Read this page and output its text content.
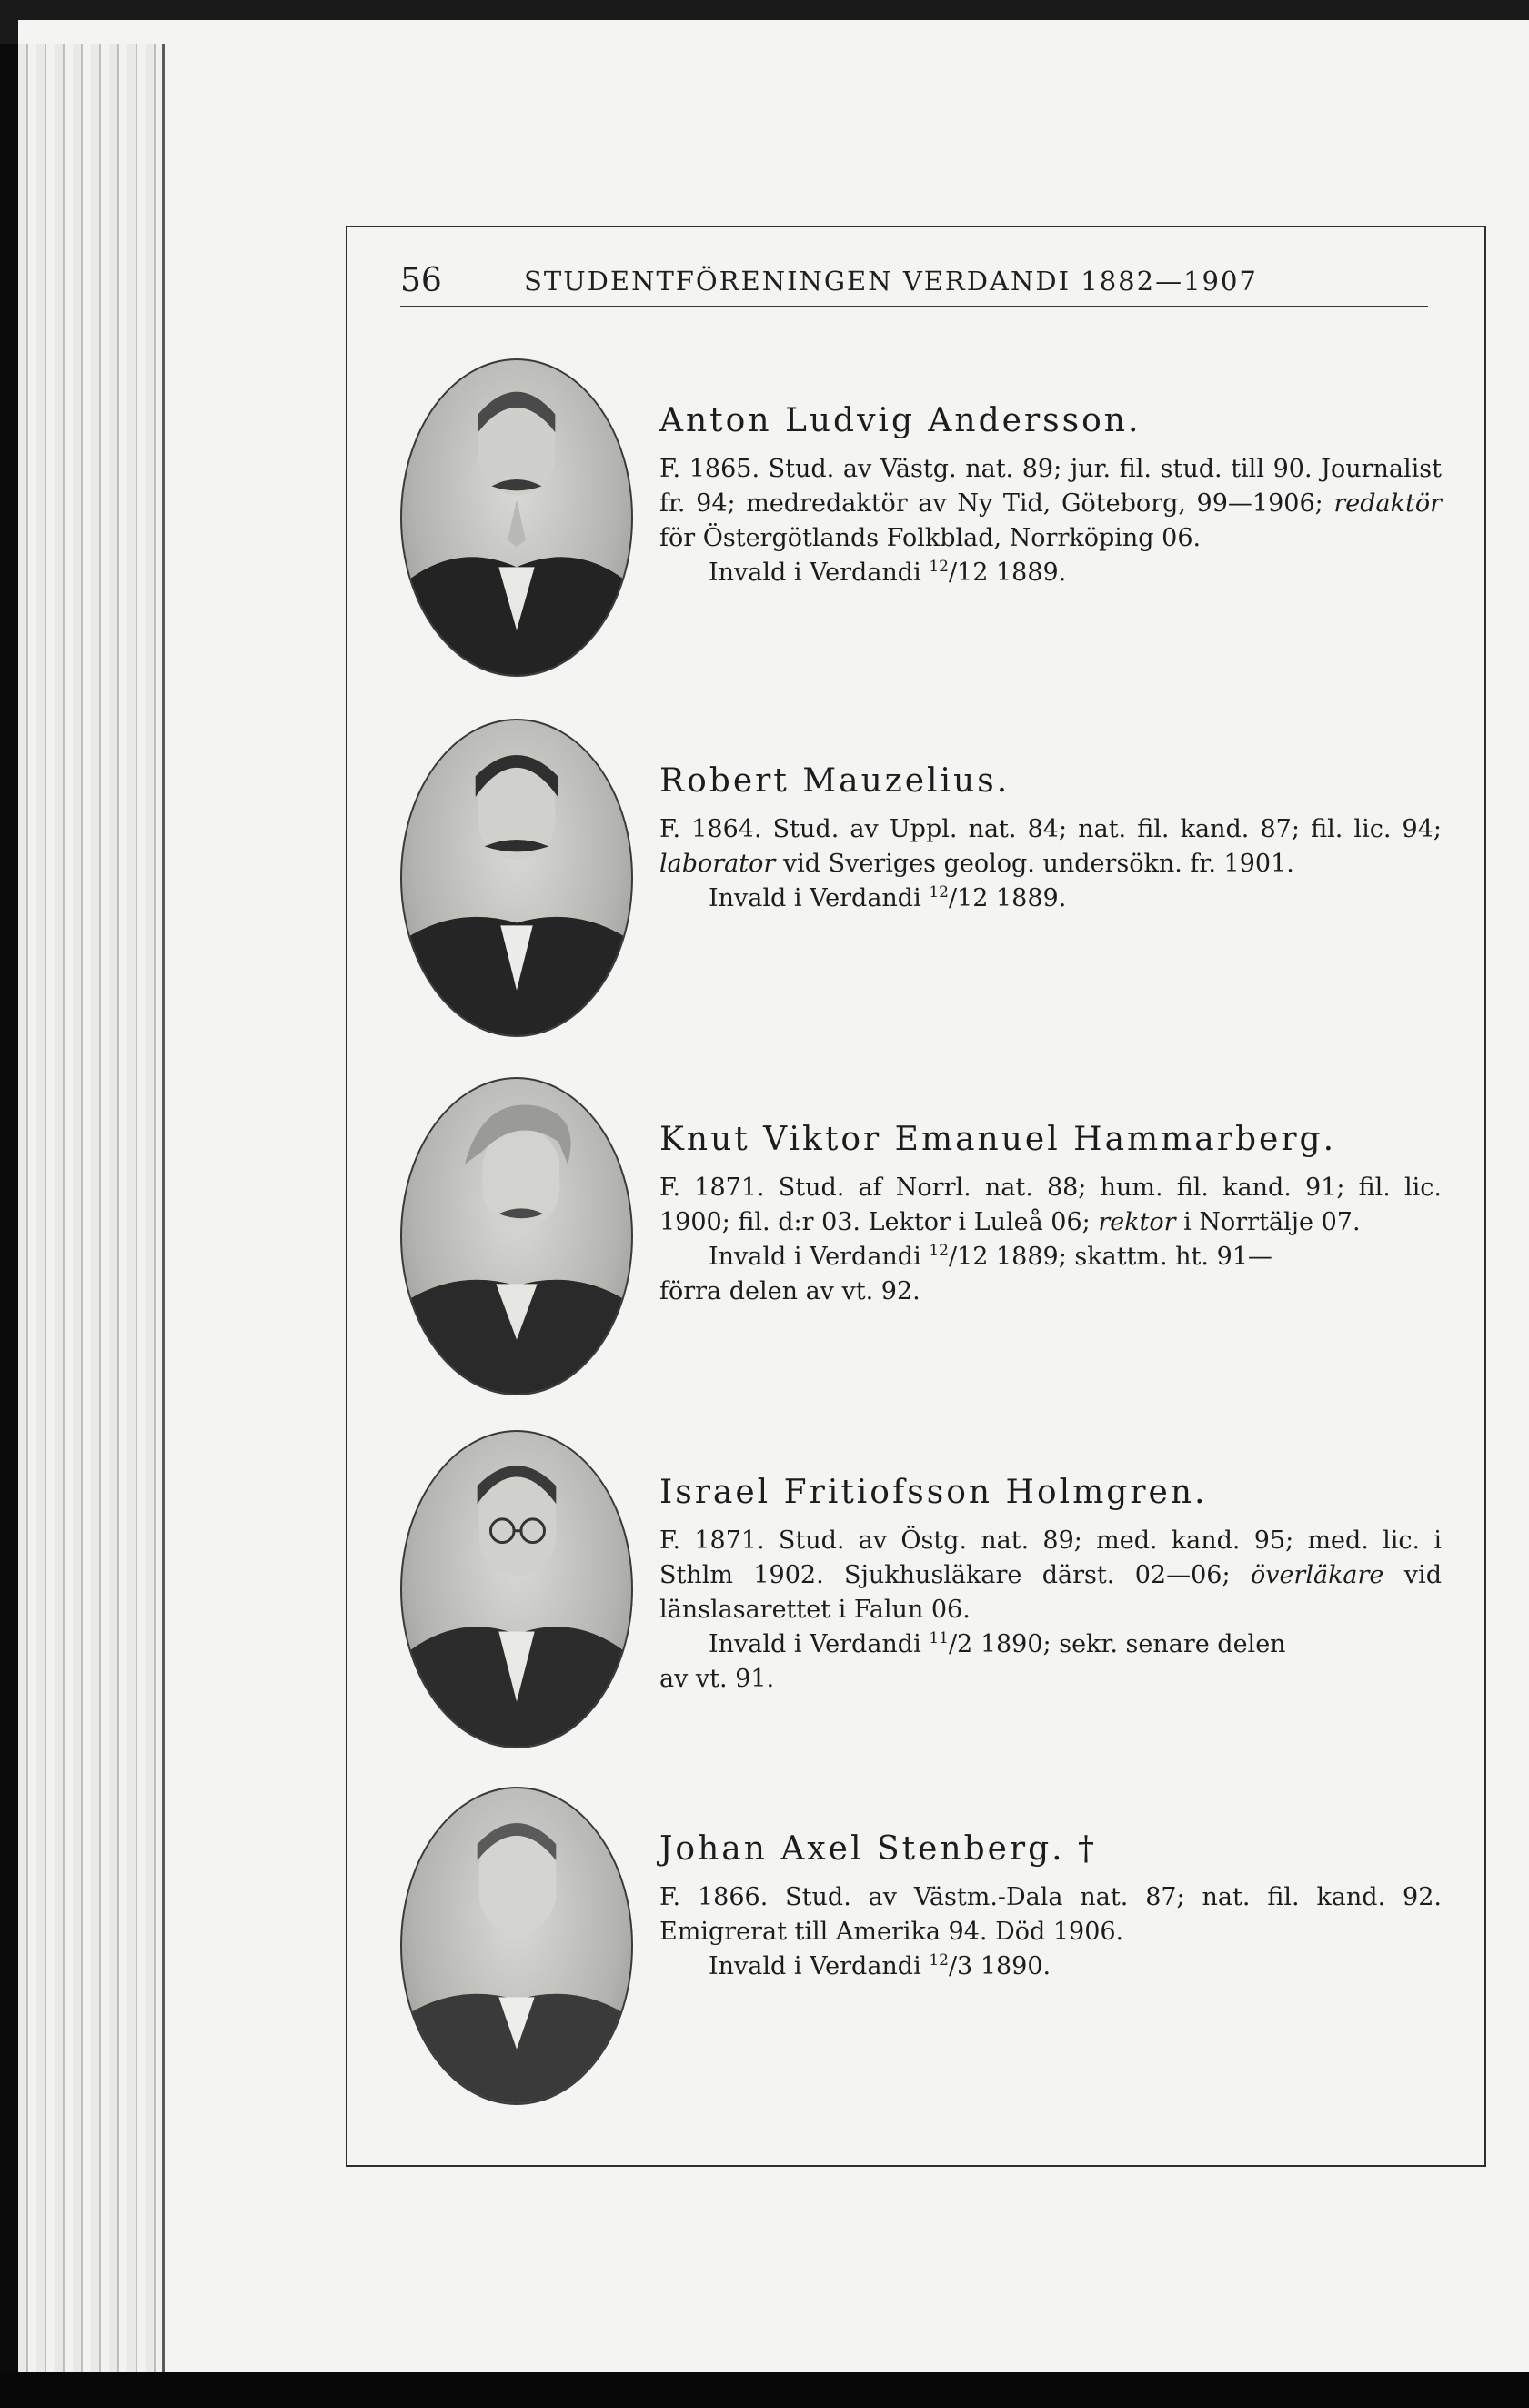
56	STUDENTFÖRENINGEN VERDANDI 1882—1907
Anton Ludvig Andersson.

F. 1865. Stud. av Västg. nat. 89; jur. fil. stud. till 90. Journalist fr. 94; medredaktör av Ny Tid, Göteborg, 99—1906; redaktör för Östergötlands Folkblad, Norrköping 06.

Invald i Verdandi $^{12}$/12 1889.

Robert Mauzelius.

F. 1864. Stud. av Uppl. nat. 84; nat. fil. kand. 87; fil. lic. 94; laborator vid Sveriges geolog. undersökn. fr. 1901.

Invald i Verdandi $^{12}$/12 1889.

Knut Viktor Emanuel Hammarberg.

F. 1871. Stud. af Norrl. nat. 88; hum. fil. kand. 91; fil. lic. 1900; fil. d:r 03. Lektor i Luleå 06; rektor i Norrtälje 07.

Invald i Verdandi $^{12}$/12 1889; skattm. ht. 91—

förra delen av vt. 92.

Israel Fritiofsson Holmgren.

F. 1871. Stud. av Östg. nat. 89; med. kand. 95; med. lic. i Sthlm 1902. Sjukhusläkare därst. 02—06; överläkare vid länslasarettet i Falun 06.

Invald i Verdandi $^{11}$/2 1890; sekr. senare delen

av vt. 91.

Johan Axel Stenberg. †

F. 1866. Stud. av Västm.-Dala nat. 87; nat. fil. kand. 92. Emigrerat till Amerika 94. Död 1906.

Invald i Verdandi $^{12}$/3 1890.
